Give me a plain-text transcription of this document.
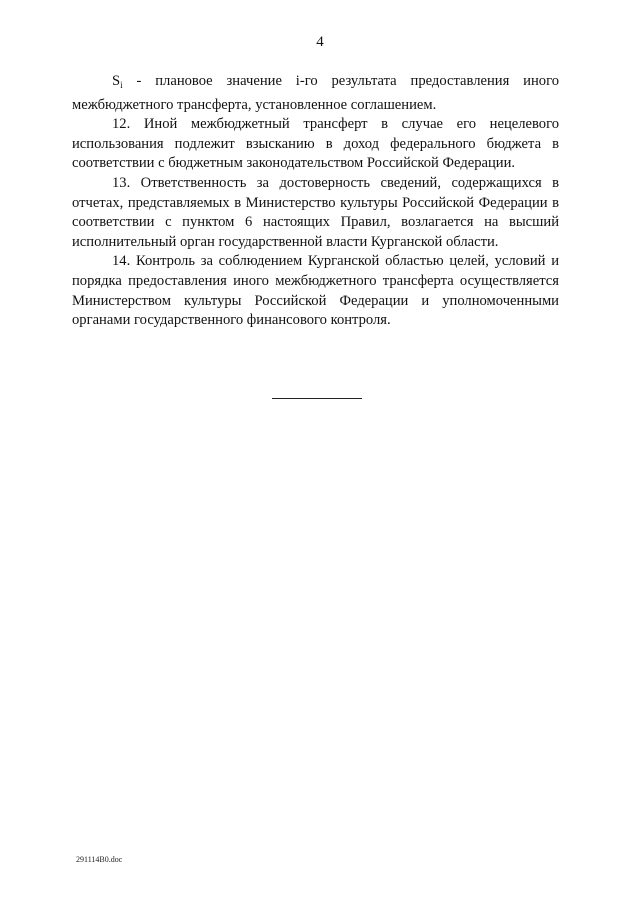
4

$S_i$ - плановое значение i-го результата предоставления иного межбюджетного трансферта, установленное соглашением.

12. Иной межбюджетный трансферт в случае его нецелевого использования подлежит взысканию в доход федерального бюджета в соответствии с бюджетным законодательством Российской Федерации.

13. Ответственность за достоверность сведений, содержащихся в отчетах, представляемых в Министерство культуры Российской Федерации в соответствии с пунктом 6 настоящих Правил, возлагается на высший исполнительный орган государственной власти Курганской области.

14. Контроль за соблюдением Курганской областью целей, условий и порядка предоставления иного межбюджетного трансферта осуществляется Министерством культуры Российской Федерации и уполномоченными органами государственного финансового контроля.

291114В0.doc
